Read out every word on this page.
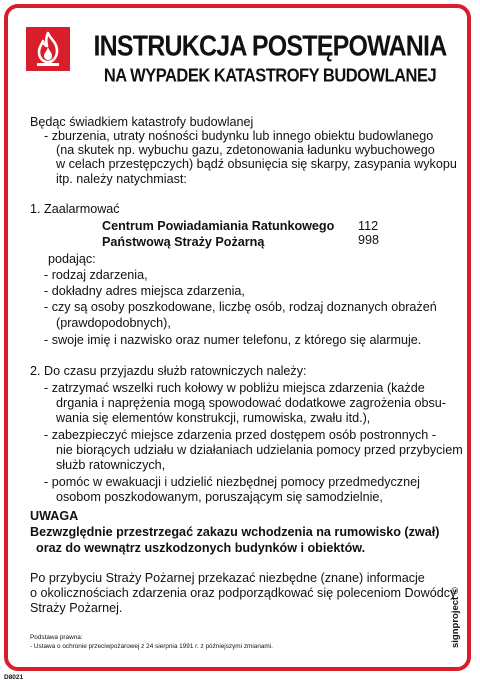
INSTRUKCJA POSTĘPOWANIA
NA WYPADEK KATASTROFY BUDOWLANEJ
Będąc świadkiem katastrofy budowlanej
- zburzenia, utraty nośności budynku lub innego obiektu budowlanego
(na skutek np. wybuchu gazu, zdetonowania ładunku wybuchowego
w celach przestępczych) bądź obsunięcia się skarpy, zasypania wykopu
itp. należy natychmiast:
1. Zaalarmować
Centrum Powiadamiania Ratunkowego 112
Państwową Straży Pożarną	998
podając:
- rodzaj zdarzenia,
- dokładny adres miejsca zdarzenia,
- czy są osoby poszkodowane, liczbę osób, rodzaj doznanych obrażeń
(prawdopodobnych),
- swoje imię i nazwisko oraz numer telefonu, z którego się alarmuje.
2. Do czasu przyjazdu służb ratowniczych należy:
- zatrzymać wszelki ruch kołowy w pobliżu miejsca zdarzenia (każde
drgania i naprężenia mogą spowodować dodatkowe zagrożenia obsu-
wania się elementów konstrukcji, rumowiska, zwału itd.),
- zabezpieczyć miejsce zdarzenia przed dostępem osób postronnych -
nie biorących udziału w działaniach udzielania pomocy przed przybyciem
służb ratowniczych,
- pomóc w ewakuacji i udzielić niezbędnej pomocy przedmedycznej
osobom poszkodowanym, poruszającym się samodzielnie,
UWAGA
Bezwzględnie przestrzegać zakazu wchodzenia na rumowisko (zwał)
oraz do wewnątrz uszkodzonych budynków i obiektów.
Po przybyciu Straży Pożarnej przekazać niezbędne (znane) informacje
o okolicznościach zdarzenia oraz podporządkować się poleceniom Dowódcy
Straży Pożarnej.
Podstawa prawna:
- Ustawa o ochronie przeciwpożarowej z 24 sierpnia 1991 r. z późniejszymi zmianami.	signproject ©
D8021
